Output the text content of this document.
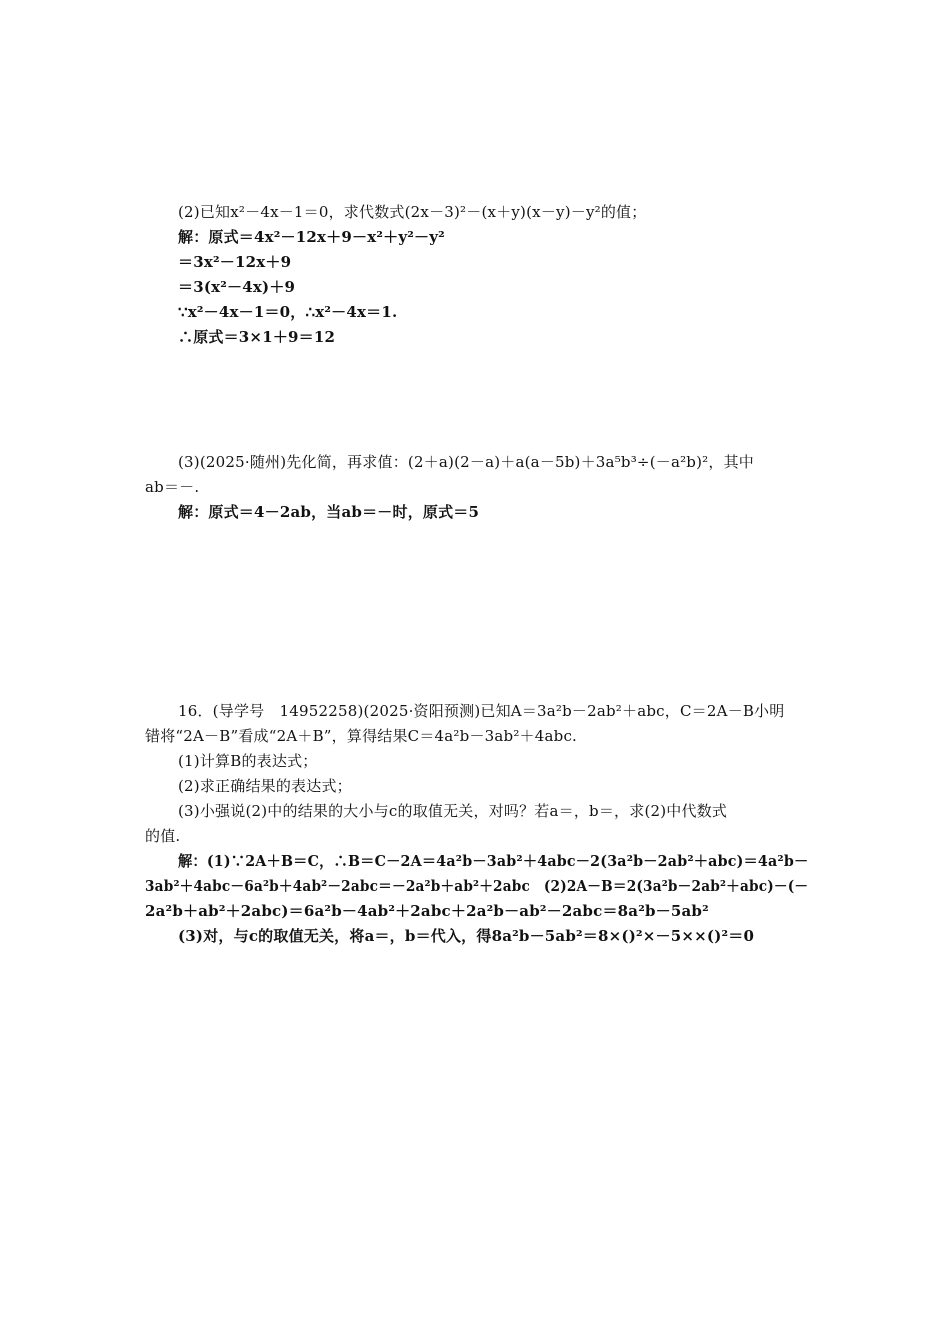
(2)已知x²－4x－1＝0，求代数式(2x－3)²－(x＋y)(x－y)－y²的值；
解：原式＝4x²－12x＋9－x²＋y²－y²
＝3x²－12x＋9
＝3(x²－4x)＋9
∵x²－4x－1＝0，∴x²－4x＝1.
∴原式＝3×1＋9＝12
(3)(2025·随州)先化简，再求值：(2＋a)(2－a)＋a(a－5b)＋3a⁵b³÷(－a²b)²，其中
ab＝－.
解：原式＝4－2ab，当ab＝－时，原式＝5
16．(导学号　14952258)(2025·资阳预测)已知A＝3a²b－2ab²＋abc，C＝2A－B小明
错将“2A－B”看成“2A＋B”，算得结果C＝4a²b－3ab²＋4abc.
(1)计算B的表达式；
(2)求正确结果的表达式；
(3)小强说(2)中的结果的大小与c的取值无关，对吗？若a＝，b＝，求(2)中代数式
的值.
解：(1)∵2A＋B＝C，∴B＝C－2A＝4a²b－3ab²＋4abc－2(3a²b－2ab²＋abc)＝4a²b－
3ab²＋4abc－6a²b＋4ab²－2abc＝－2a²b＋ab²＋2abc　(2)2A－B＝2(3a²b－2ab²＋abc)－(－
2a²b＋ab²＋2abc)＝6a²b－4ab²＋2abc＋2a²b－ab²－2abc＝8a²b－5ab²
(3)对，与c的取值无关，将a＝，b＝代入，得8a²b－5ab²＝8×()²×－5××()²＝0
